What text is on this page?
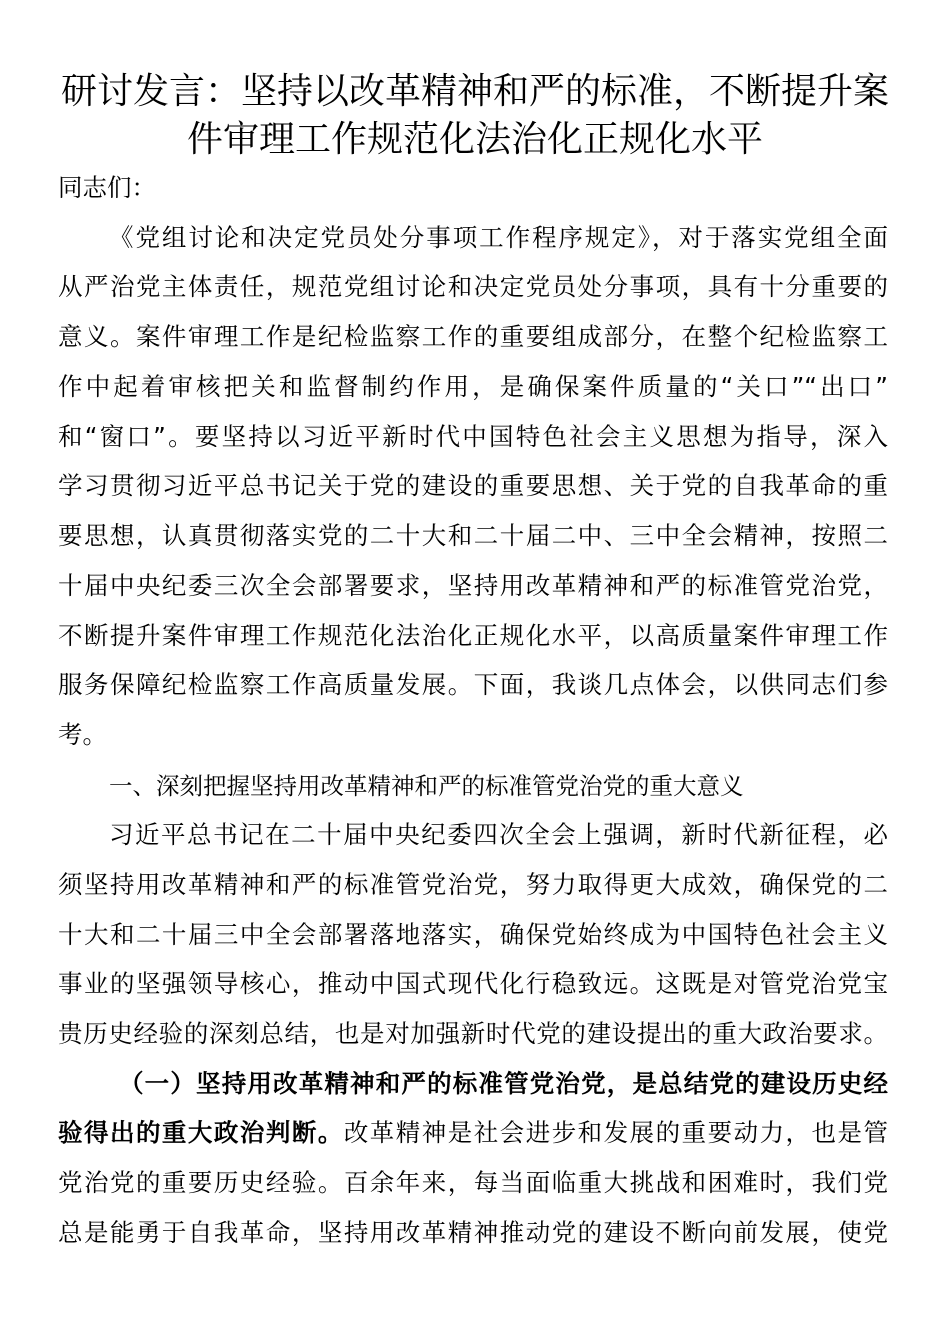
研讨发言：坚持以改革精神和严的标准，不断提升案
件审理工作规范化法治化正规化水平

同志们：

《党组讨论和决定党员处分事项工作程序规定》，对于落实党组全面

从严治党主体责任，规范党组讨论和决定党员处分事项，具有十分重要的

意义。案件审理工作是纪检监察工作的重要组成部分，在整个纪检监察工

作中起着审核把关和监督制约作用，是确保案件质量的“关口”“出口”

和“窗口”。要坚持以习近平新时代中国特色社会主义思想为指导，深入

学习贯彻习近平总书记关于党的建设的重要思想、关于党的自我革命的重

要思想，认真贯彻落实党的二十大和二十届二中、三中全会精神，按照二

十届中央纪委三次全会部署要求，坚持用改革精神和严的标准管党治党，

不断提升案件审理工作规范化法治化正规化水平，以高质量案件审理工作

服务保障纪检监察工作高质量发展。下面，我谈几点体会，以供同志们参

考。

一、深刻把握坚持用改革精神和严的标准管党治党的重大意义

习近平总书记在二十届中央纪委四次全会上强调，新时代新征程，必

须坚持用改革精神和严的标准管党治党，努力取得更大成效，确保党的二

十大和二十届三中全会部署落地落实，确保党始终成为中国特色社会主义

事业的坚强领导核心，推动中国式现代化行稳致远。这既是对管党治党宝

贵历史经验的深刻总结，也是对加强新时代党的建设提出的重大政治要求。

（一）坚持用改革精神和严的标准管党治党，是总结党的建设历史经

验得出的重大政治判断。改革精神是社会进步和发展的重要动力，也是管

党治党的重要历史经验。百余年来，每当面临重大挑战和困难时，我们党

总是能勇于自我革命，坚持用改革精神推动党的建设不断向前发展，使党
